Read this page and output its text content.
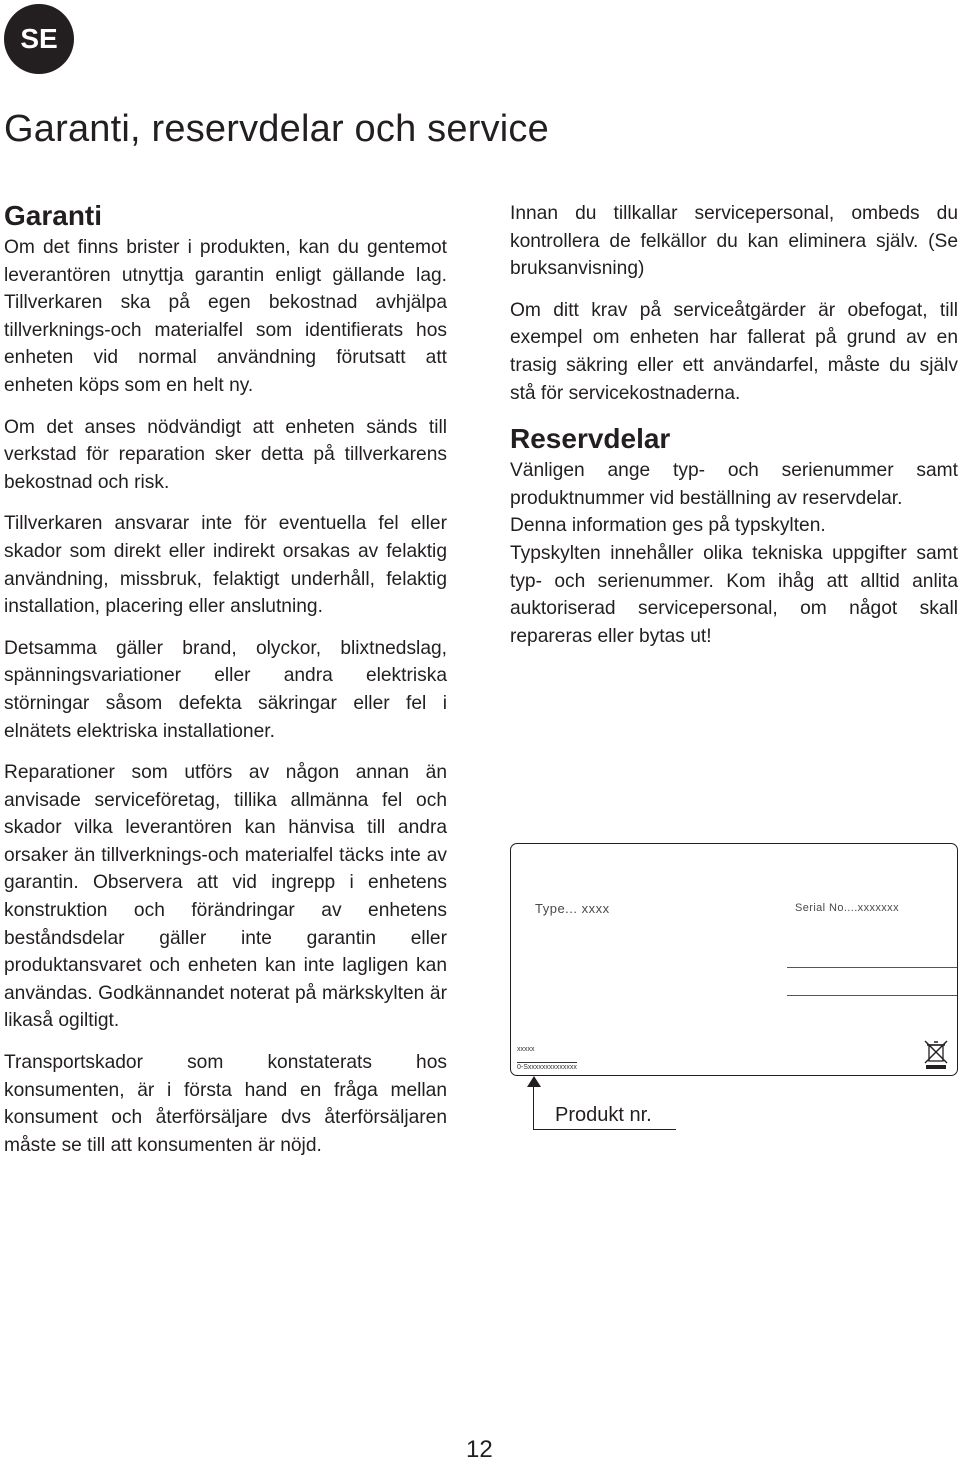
SE
Garanti, reservdelar och service
Garanti

Om det finns brister i produkten, kan du gentemot leverantören utnyttja garantin enligt gällande lag. Tillverkaren ska på egen bekostnad avhjälpa tillverknings-och materialfel som identifierats hos enheten vid normal användning förutsatt att enheten köps som en helt ny.

Om det anses nödvändigt att enheten sänds till verkstad för reparation sker detta på tillverkarens bekostnad och risk.

Tillverkaren ansvarar inte för eventuella fel eller skador som direkt eller indirekt orsakas av felaktig användning, missbruk, felaktigt underhåll, felaktig installation, placering eller anslutning.

Detsamma gäller brand, olyckor, blixtnedslag, spänningsvariationer eller andra elektriska störningar såsom defekta säkringar eller fel i elnätets elektriska installationer.

Reparationer som utförs av någon annan än anvisade serviceföretag, tillika allmänna fel och skador vilka leverantören kan hänvisa till andra orsaker än tillverknings-och materialfel täcks inte av garantin. Observera att vid ingrepp i enhetens konstruktion och förändringar av enhetens beståndsdelar gäller inte garantin eller produktansvaret och enheten kan inte lagligen kan användas. Godkännandet noterat på märkskylten är likaså ogiltigt.

Transportskador som konstaterats hos konsumenten, är i första hand en fråga mellan konsument och återförsäljare dvs återförsäljaren måste se till att konsumenten är nöjd.

Innan du tillkallar servicepersonal, ombeds du kontrollera de felkällor du kan eliminera själv. (Se bruksanvisning)

Om ditt krav på serviceåtgärder är obefogat, till exempel om enheten har fallerat på grund av en trasig säkring eller ett användarfel, måste du själv stå för servicekostnaderna.

Reservdelar

Vänligen ange typ- och serienummer samt produktnummer vid beställning av reservdelar.

Denna information ges på typskylten.

Typskylten innehåller olika tekniska uppgifter samt typ- och serienummer. Kom ihåg att alltid anlita auktoriserad servicepersonal, om något skall repareras eller bytas ut!

Type... xxxx	Serial No....xxxxxxx
xxxxx
0-Sxxxxxxxxxxxxxx
Produkt nr.
12
